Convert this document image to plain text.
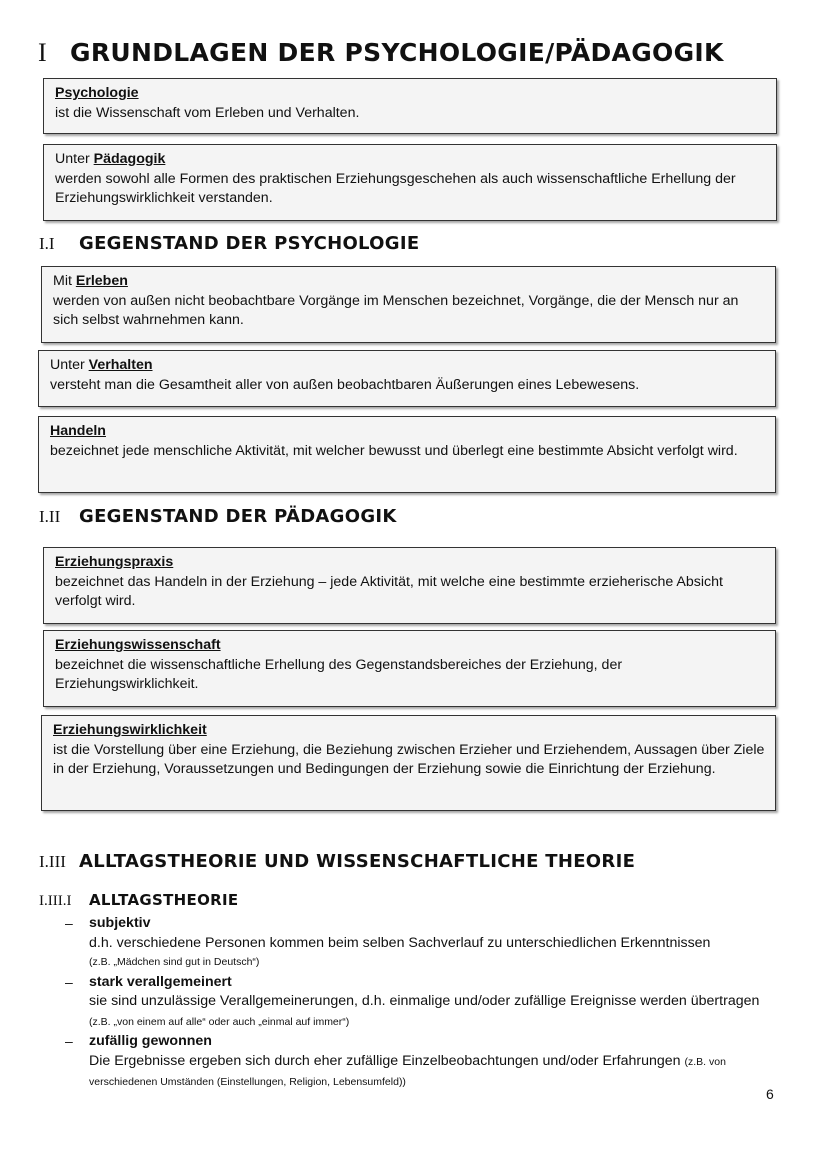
I GRUNDLAGEN DER PSYCHOLOGIE/PÄDAGOGIK
Psychologie
ist die Wissenschaft vom Erleben und Verhalten.
Unter Pädagogik
werden sowohl alle Formen des praktischen Erziehungsgeschehen als auch wissenschaftliche Erhellung der Erziehungswirklichkeit verstanden.
I.I	GEGENSTAND DER PSYCHOLOGIE
Mit Erleben
werden von außen nicht beobachtbare Vorgänge im Menschen bezeichnet, Vorgänge, die der Mensch nur an sich selbst wahrnehmen kann.
Unter Verhalten
versteht man die Gesamtheit aller von außen beobachtbaren Äußerungen eines Lebewesens.
Handeln
bezeichnet jede menschliche Aktivität, mit welcher bewusst und überlegt eine bestimmte Absicht verfolgt wird.
I.II	GEGENSTAND DER PÄDAGOGIK
Erziehungspraxis
bezeichnet das Handeln in der Erziehung – jede Aktivität, mit welche eine bestimmte erzieherische Absicht verfolgt wird.
Erziehungswissenschaft
bezeichnet die wissenschaftliche Erhellung des Gegenstandsbereiches der Erziehung, der Erziehungswirklichkeit.
Erziehungswirklichkeit
ist die Vorstellung über eine Erziehung, die Beziehung zwischen Erzieher und Erziehendem, Aussagen über Ziele in der Erziehung, Voraussetzungen und Bedingungen der Erziehung sowie die Einrichtung der Erziehung.
I.III ALLTAGSTHEORIE UND WISSENSCHAFTLICHE THEORIE
I.III.I	ALLTAGSTHEORIE
– subjektiv
d.h. verschiedene Personen kommen beim selben Sachverlauf zu unterschiedlichen Erkenntnissen
(z.B. „Mädchen sind gut in Deutsch“)
– stark verallgemeinert
sie sind unzulässige Verallgemeinerungen, d.h. einmalige und/oder zufällige Ereignisse werden übertragen (z.B. „von einem auf alle“ oder auch „einmal auf immer“)
– zufällig gewonnen
Die Ergebnisse ergeben sich durch eher zufällige Einzelbeobachtungen und/oder Erfahrungen (z.B. von verschiedenen Umständen (Einstellungen, Religion, Lebensumfeld))
6
